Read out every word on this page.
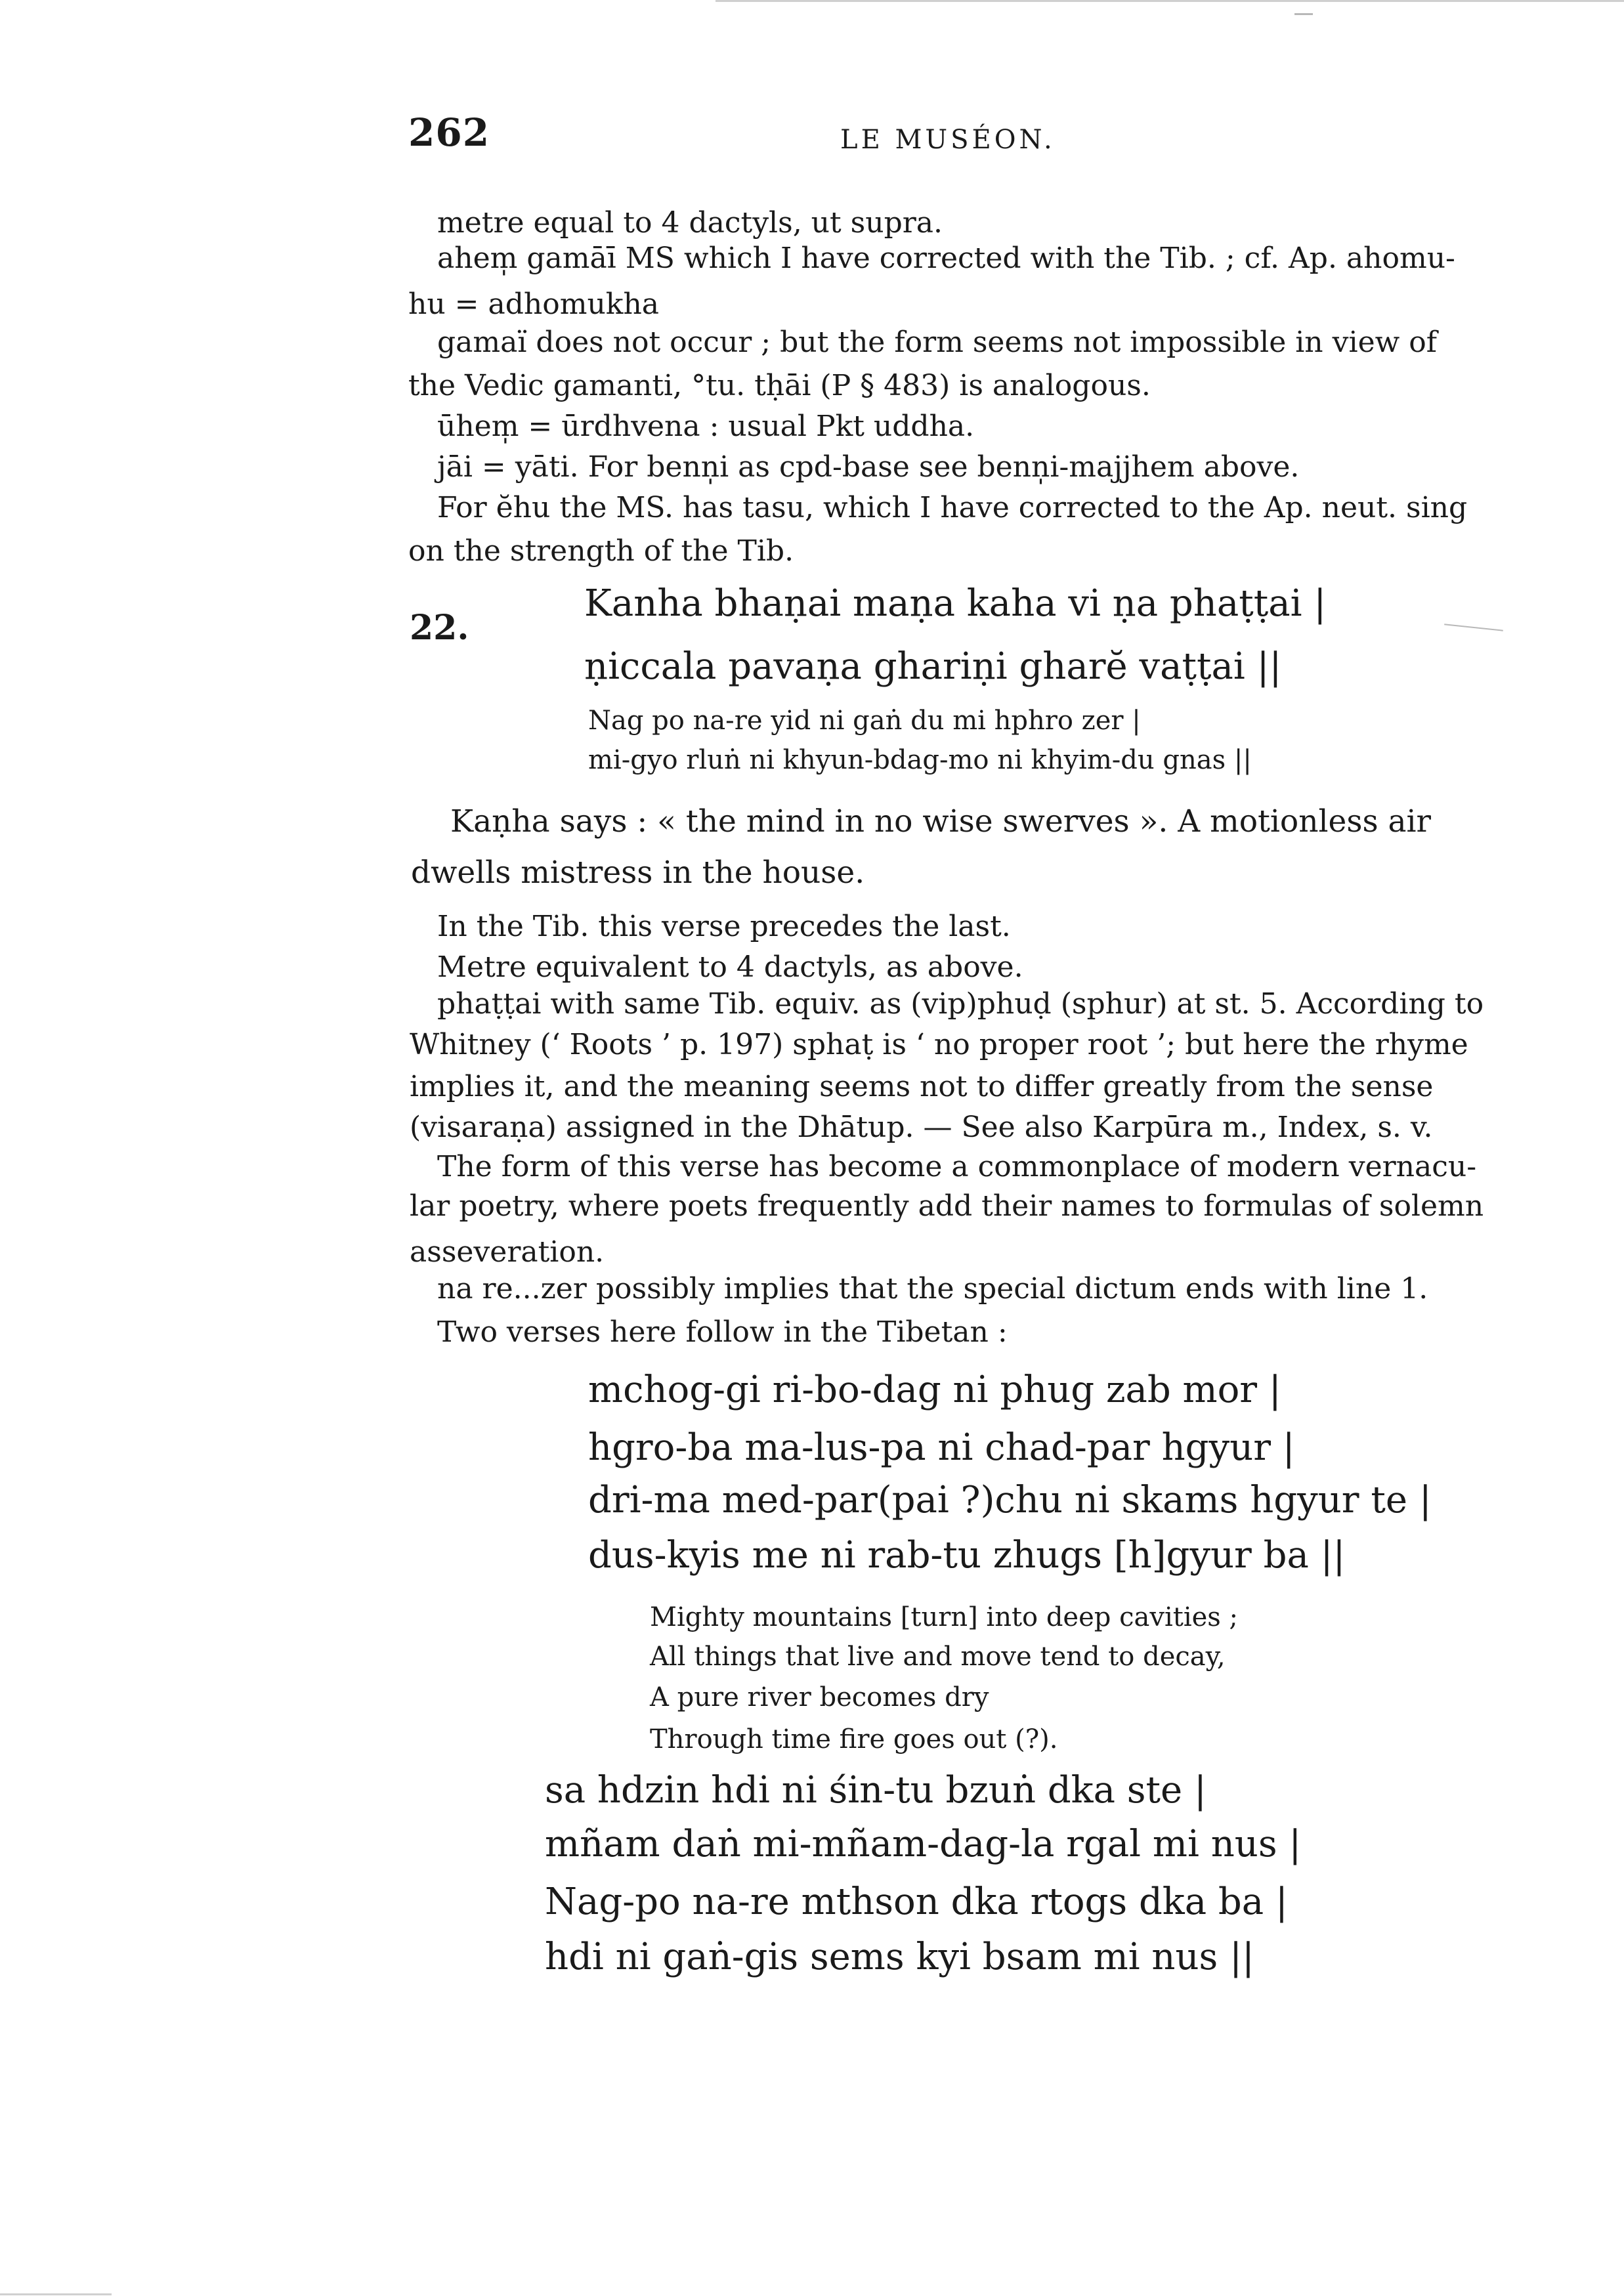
262	LE MUSÉON.
metre equal to 4 dactyls, ut supra.
ahem̩ gamāī MS which I have corrected with the Tib. ; cf. Ap. ahomu-
hu = adhomukha
gamaï does not occur ; but the form seems not impossible in view of
the Vedic gamanti, °tu. tḥāi (P § 483) is analogous.
ūhem̩ = ūrdhvena : usual Pkt uddha.
jāi = yāti. For benn̩i as cpd-base see benn̩i-majjhem above.
For ĕhu the MS. has tasu, which I have corrected to the Ap. neut. sing
on the strength of the Tib.
22.
Kanha bhaṇai maṇa kaha vi ṇa phaṭṭai |
ṇiccala pavaṇa ghariṇi gharĕ vaṭṭai ||
Nag po na-re yid ni gaṅ du mi hphro zer |
mi-gyo rluṅ ni khyun-bdag-mo ni khyim-du gnas ||
Kaṇha says : « the mind in no wise swerves ». A motionless air
dwells mistress in the house.
In the Tib. this verse precedes the last.
Metre equivalent to 4 dactyls, as above.
phaṭṭai with same Tib. equiv. as (vip)phuḍ (sphur) at st. 5. According to
Whitney (‘ Roots ’ p. 197) sphaṭ is ‘ no proper root ’; but here the rhyme
implies it, and the meaning seems not to differ greatly from the sense
(visaraṇa) assigned in the Dhātup. — See also Karpūra m., Index, s. v.
The form of this verse has become a commonplace of modern vernacu-
lar poetry, where poets frequently add their names to formulas of solemn
asseveration.
na re...zer possibly implies that the special dictum ends with line 1.
Two verses here follow in the Tibetan :
mchog-gi ri-bo-dag ni phug zab mor |
hgro-ba ma-lus-pa ni chad-par hgyur |
dri-ma med-par(pai ?)chu ni skams hgyur te |
dus-kyis me ni rab-tu zhugs [h]gyur ba ||
Mighty mountains [turn] into deep cavities ;
All things that live and move tend to decay,
A pure river becomes dry
Through time fire goes out (?).
sa hdzin hdi ni śin-tu bzuṅ dka ste |
mñam daṅ mi-mñam-dag-la rgal mi nus |
Nag-po na-re mthson dka rtogs dka ba |
hdi ni gaṅ-gis sems kyi bsam mi nus ||
